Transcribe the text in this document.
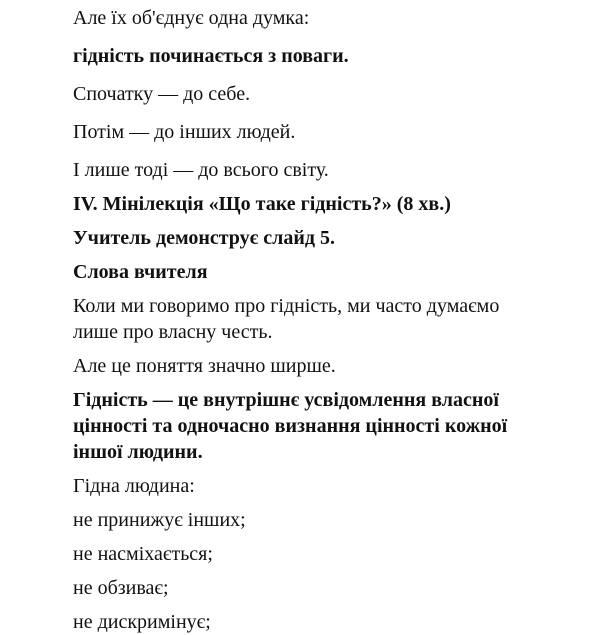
Але їх об'єднує одна думка:

гідність починається з поваги.

Спочатку — до себе.

Потім — до інших людей.

І лише тоді — до всього світу.

IV. Мінілекція «Що таке гідність?» (8 хв.)

Учитель демонструє слайд 5.

Слова вчителя

Коли ми говоримо про гідність, ми часто думаємо

лише про власну честь.

Але це поняття значно ширше.

Гідність — це внутрішнє усвідомлення власної

цінності та одночасно визнання цінності кожної

іншої людини.

Гідна людина:

не принижує інших;

не насміхається;

не обзиває;

не дискримінує;
